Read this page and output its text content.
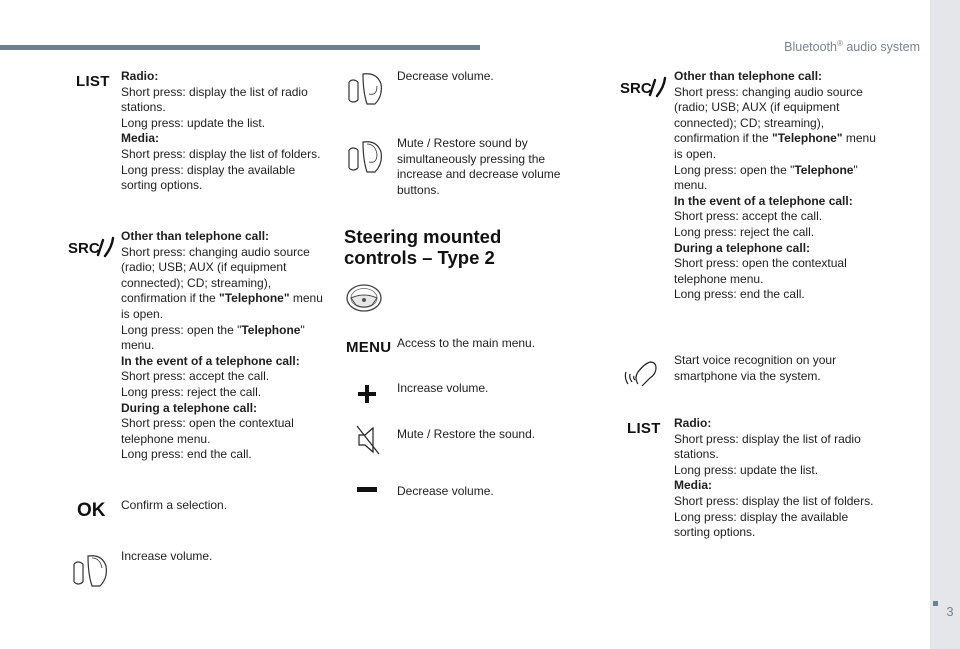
Bluetooth® audio system
3
LIST Radio:
Short press: display the list of radio stations.
Long press: update the list.
Media:
Short press: display the list of folders.
Long press: display the available sorting options.
SRC
Other than telephone call:
Short press: changing audio source (radio; USB; AUX (if equipment connected); CD; streaming), confirmation if the "Telephone" menu is open.
Long press: open the "Telephone" menu.
In the event of a telephone call:
Short press: accept the call.
Long press: reject the call.
During a telephone call:
Short press: open the contextual telephone menu.
Long press: end the call.
OK Confirm a selection.
Increase volume.
Decrease volume.
Mute / Restore sound by simultaneously pressing the increase and decrease volume buttons.
Steering mounted
controls – Type 2
MENU Access to the main menu.
Increase volume.
Mute / Restore the sound.
Decrease volume.
SRC
Other than telephone call:
Short press: changing audio source (radio; USB; AUX (if equipment connected); CD; streaming), confirmation if the "Telephone" menu is open.
Long press: open the "Telephone" menu.
In the event of a telephone call:
Short press: accept the call.
Long press: reject the call.
During a telephone call:
Short press: open the contextual telephone menu.
Long press: end the call.
Start voice recognition on your smartphone via the system.
LIST Radio:
Short press: display the list of radio stations.
Long press: update the list.
Media:
Short press: display the list of folders.
Long press: display the available sorting options.
